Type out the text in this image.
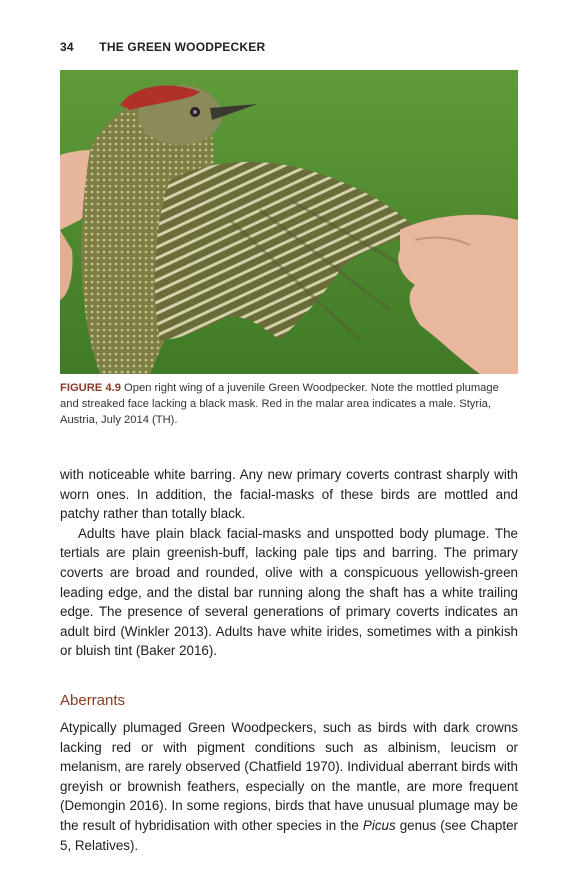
34 THE GREEN WOODPECKER
FIGURE 4.9 Open right wing of a juvenile Green Woodpecker. Note the mottled plumage and streaked face lacking a black mask. Red in the malar area indicates a male. Styria, Austria, July 2014 (TH).

with noticeable white barring. Any new primary coverts contrast sharply with worn ones. In addition, the facial-masks of these birds are mottled and patchy rather than totally black.

Adults have plain black facial-masks and unspotted body plumage. The tertials are plain greenish-buff, lacking pale tips and barring. The primary coverts are broad and rounded, olive with a conspicuous yellowish-green leading edge, and the distal bar running along the shaft has a white trailing edge. The presence of several generations of primary coverts indicates an adult bird (Winkler 2013). Adults have white irides, sometimes with a pinkish or bluish tint (Baker 2016).

Aberrants

Atypically plumaged Green Woodpeckers, such as birds with dark crowns lacking red or with pigment conditions such as albinism, leucism or melanism, are rarely observed (Chatfield 1970). Individual aberrant birds with greyish or brownish feathers, especially on the mantle, are more frequent (Demongin 2016). In some regions, birds that have unusual plumage may be the result of hybridisation with other species in the Picus genus (see Chapter 5, Relatives).
